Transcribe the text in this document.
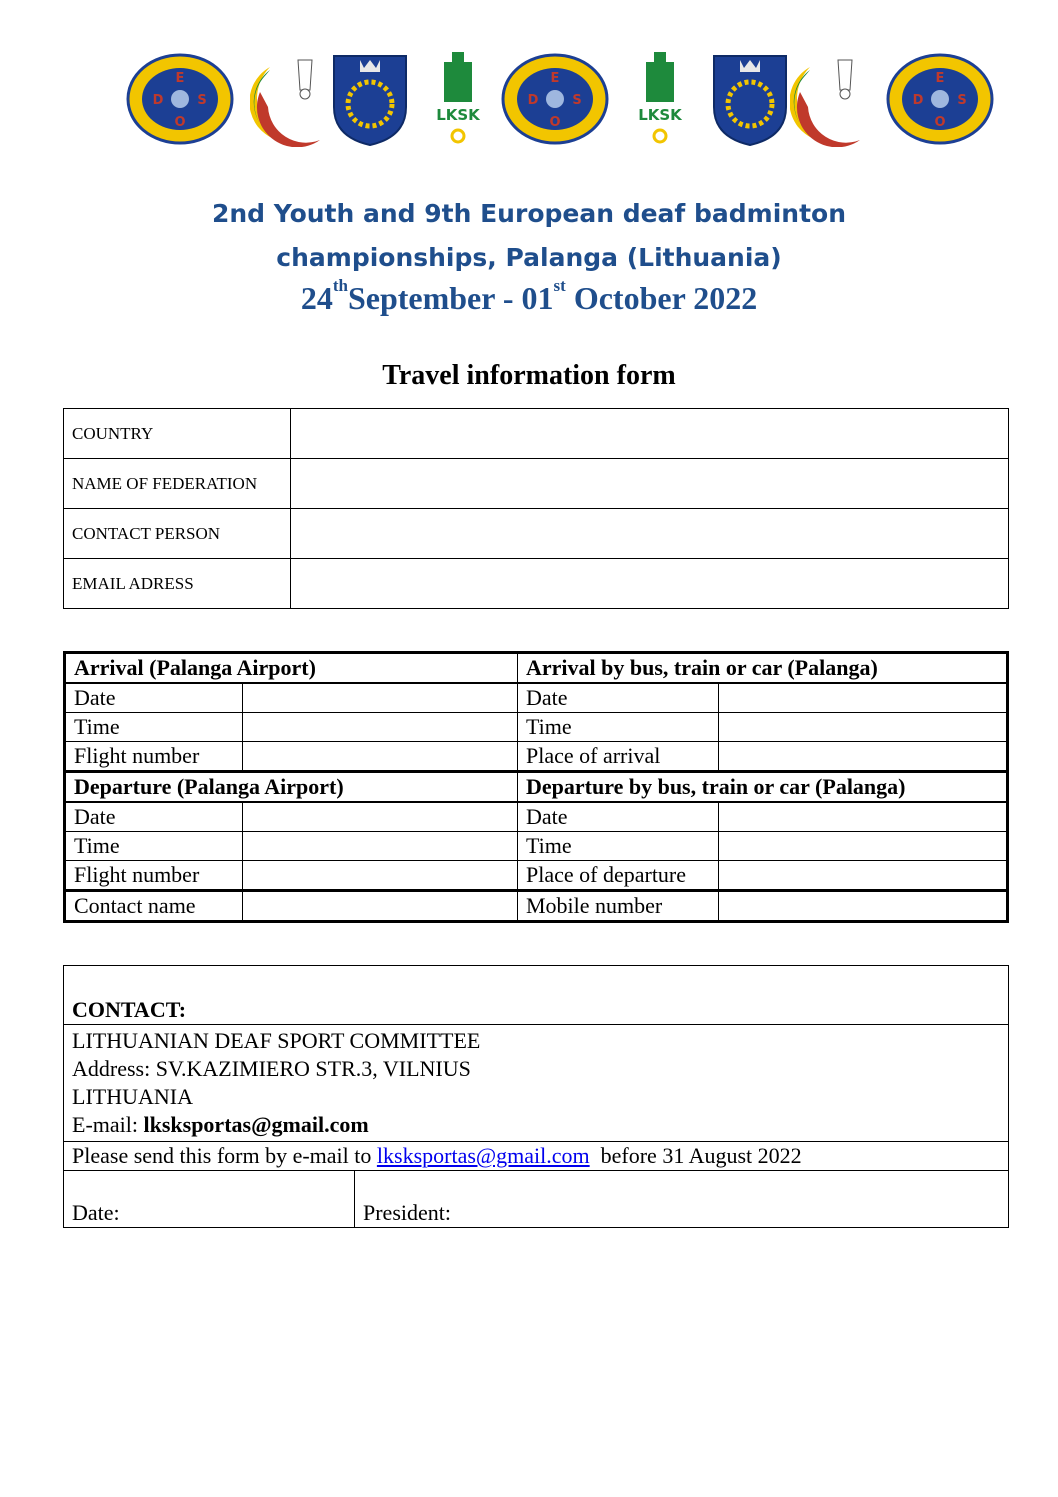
E
D	S
O	LKSK
E
D	S
O	LKSK
E
D	S
O
2nd Youth and 9th European deaf badminton
championships, Palanga (Lithuania)
24thSeptember - 01st October 2022
Travel information form
COUNTRY	
NAME OF FEDERATION	
CONTACT PERSON	
EMAIL ADRESS	
Arrival (Palanga Airport)		Arrival by bus, train or car (Palanga)	
Date		Date	
Time		Time	
Flight number		Place of arrival	
Departure (Palanga Airport)		Departure by bus, train or car (Palanga)	
Date		Date	
Time		Time	
Flight number		Place of departure	
Contact name		Mobile number	
CONTACT:

LITHUANIAN DEAF SPORT COMMITTEE
Address: SV.KAZIMIERO STR.3, VILNIUS
LITHUANIA
E-mail: lksksportas@gmail.com

Please send this form by e-mail to lksksportas@gmail.com  before 31 August 2022
Date:	President:
